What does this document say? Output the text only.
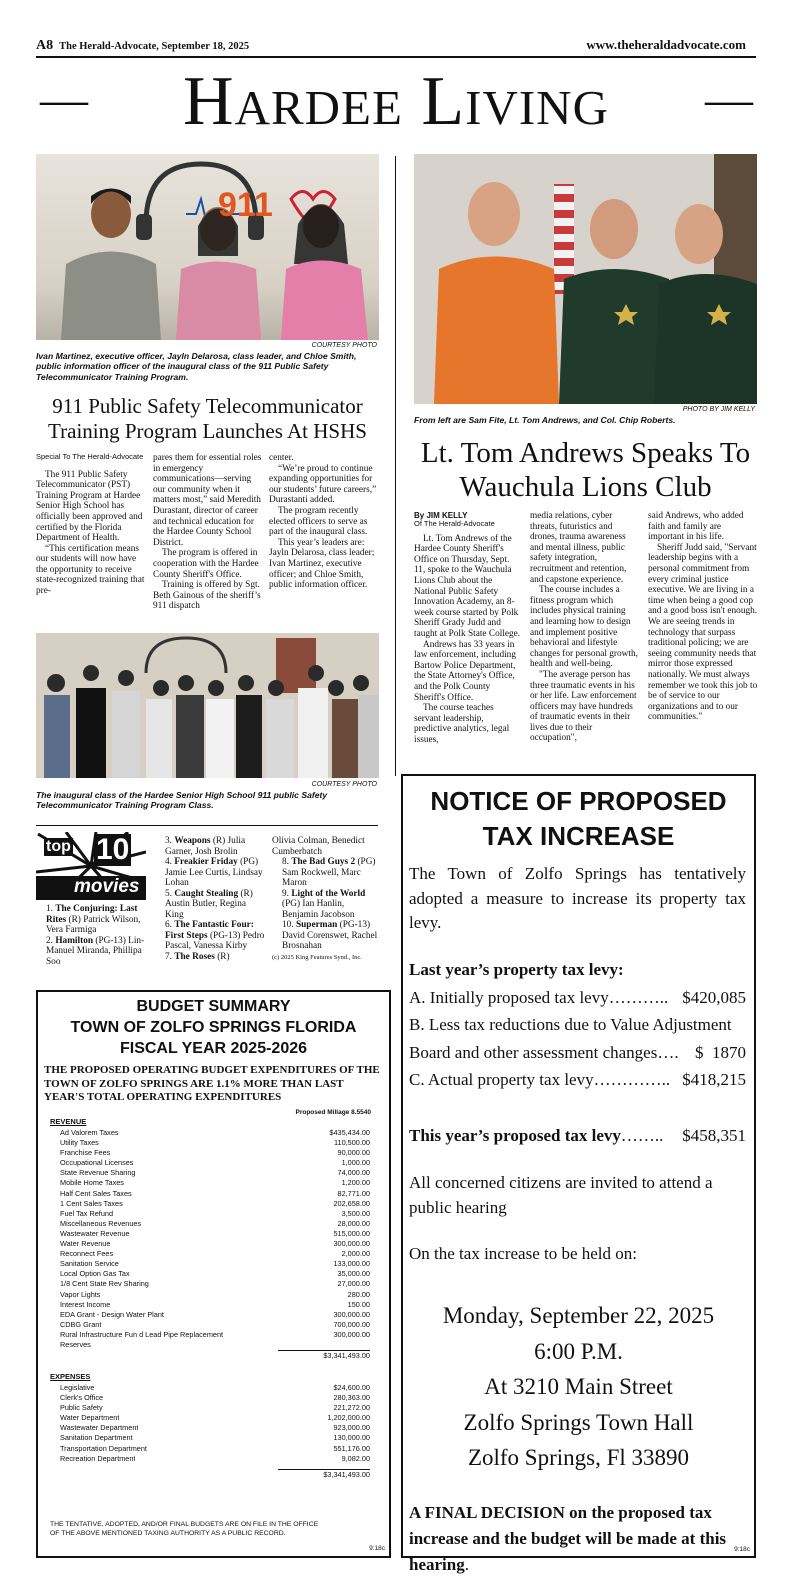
A8 The Herald-Advocate, September 18, 2025	www.theheraldadvocate.com
—	Hardee Living	—
911
COURTESY PHOTO
Ivan Martinez, executive officer, Jayln Delarosa, class leader, and Chloe Smith, public information officer of the inaugural class of the 911 Public Safety Telecommunicator Training Program.
911 Public Safety Telecommunicator Training Program Launches At HSHS

Special To The Herald-Advocate

The 911 Public Safety Telecommunicator (PST) Training Program at Hardee Senior High School has officially been approved and certified by the Florida Department of Health.

“This certification means our students will now have the opportunity to receive state-recognized training that pre-

pares them for essential roles in emergency communications—serving our community when it matters most,” said Meredith Durastant, director of career and technical education for the Hardee County School District.

The program is offered in cooperation with the Hardee County Sheriff's Office.

Training is offered by Sgt. Beth Gainous of the sheriff’s 911 dispatch

center.

“We’re proud to continue expanding opportunities for our students’ future careers,” Durastanti added.

The program recently elected officers to serve as part of the inaugural class.

This year’s leaders are: Jayln Delarosa, class leader; Ivan Martinez, executive officer; and Chloe Smith, public information officer.

COURTESY PHOTO
The inaugural class of the Hardee Senior High School 911 public Safety Telecommunicator Training Program Class.
PHOTO BY JIM KELLY
From left are Sam Fite, Lt. Tom Andrews, and Col. Chip Roberts.
Lt. Tom Andrews Speaks To Wauchula Lions Club
By JIM KELLY
Of The Herald-Advocate

Lt. Tom Andrews of the Hardee County Sheriff's Office on Thursday, Sept. 11, spoke to the Wauchula Lions Club about the National Public Safety Innovation Academy, an 8-week course started by Polk Sheriff Grady Judd and taught at Polk State College.

Andrews has 33 years in law enforcement, including Bartow Police Department, the State Attorney's Office, and the Polk County Sheriff's Office.

The course teaches servant leadership, predictive analytics, legal issues,

media relations, cyber threats, futuristics and drones, trauma awareness and mental illness, public safety integration, recruitment and retention, and capstone experience.

The course includes a fitness program which includes physical training and learning how to design and implement positive behavioral and lifestyle changes for personal growth, health and well-being.

"The average person has three traumatic events in his or her life. Law enforcement officers may have hundreds of traumatic events in their lives due to their occupation",

said Andrews, who added faith and family are important in his life.

Sheriff Judd said, "Servant leadership begins with a personal commitment from every criminal justice executive. We are living in a time when being a good cop and a good boss isn't enough. We are seeing trends in technology that surpass traditional policing; we are seeing community needs that mirror those expressed nationally. We must always remember we took this job to be of service to our organizations and to our communities."

top 10
movies
1. The Conjuring: Last Rites (R) Patrick Wilson, Vera Farmiga
2. Hamilton (PG-13) Lin-Manuel Miranda, Phillipa Soo
3. Weapons (R) Julia Garner, Josh Brolin
4. Freakier Friday (PG) Jamie Lee Curtis, Lindsay Lohan
5. Caught Stealing (R) Austin Butler, Regina King
6. The Fantastic Four: First Steps (PG-13) Pedro Pascal, Vanessa Kirby
7. The Roses (R)
Olivia Colman, Benedict Cumberbatch
8. The Bad Guys 2 (PG) Sam Rockwell, Marc Maron
9. Light of the World (PG) Ian Hanlin, Benjamin Jacobson
10. Superman (PG-13) David Corenswet, Rachel Brosnahan
(c) 2025 King Features Synd., Inc.
BUDGET SUMMARY
TOWN OF ZOLFO SPRINGS FLORIDA
FISCAL YEAR 2025-2026
THE PROPOSED OPERATING BUDGET EXPENDITURES OF THE TOWN OF ZOLFO SPRINGS ARE 1.1% MORE THAN LAST YEAR'S TOTAL OPERATING EXPENDITURES
Proposed Millage 8.5540
REVENUE
Ad Valorem Taxes	$435,434.00
Utility Taxes	110,500.00
Franchise Fees	90,000.00
Occupational Licenses	1,000.00
State Revenue Sharing	74,000.00
Mobile Home Taxes	1,200.00
Half Cent Sales Taxes	82,771.00
1 Cent Sales Taxes	202,658.00
Fuel Tax Refund	3,500.00
Miscellaneous Revenues	28,000.00
Wastewater Revenue	515,000.00
Water Revenue	300,000.00
Reconnect Fees	2,000.00
Sanitation Service	133,000.00
Local Option Gas Tax	35,000.00
1/8 Cent State Rev Sharing	27,000.00
Vapor Lights	280.00
Interest Income	150.00
EDA Grant - Design Water Plant	300,000.00
CDBG Grant	700,000.00
Rural Infrastructure Fun d Lead Pipe Replacement	300,000.00
Reserves
$3,341,493.00
EXPENSES
Legislative	$24,600.00
Clerk's Office	280,363.00
Public Safety	221,272.00
Water Department	1,202,000.00
Wastewater Department	923,000.00
Sanitation Department	130,000.00
Transportation Department	551,176.00
Recreation Department	9,082.00
$3,341,493.00
THE TENTATIVE, ADOPTED, AND/OR FINAL BUDGETS ARE ON FILE IN THE OFFICE OF THE ABOVE MENTIONED TAXING AUTHORITY AS A PUBLIC RECORD.
9:18c
NOTICE OF PROPOSED
TAX INCREASE
The Town of Zolfo Springs has tentatively adopted a measure to increase its property tax levy.
Last year’s property tax levy:
A. Initially proposed tax levy……….. $420,085
B. Less tax reductions due to Value Adjustment
Board and other assessment changes…. $  1870
C. Actual property tax levy………….. $418,215
This year’s proposed tax levy…….. $458,351
All concerned citizens are invited to attend a public hearing
On the tax increase to be held on:
Monday, September 22, 2025
6:00 P.M.
At 3210 Main Street
Zolfo Springs Town Hall
Zolfo Springs, Fl 33890
A FINAL DECISION on the proposed tax increase and the budget will be made at this hearing.
9:18c
